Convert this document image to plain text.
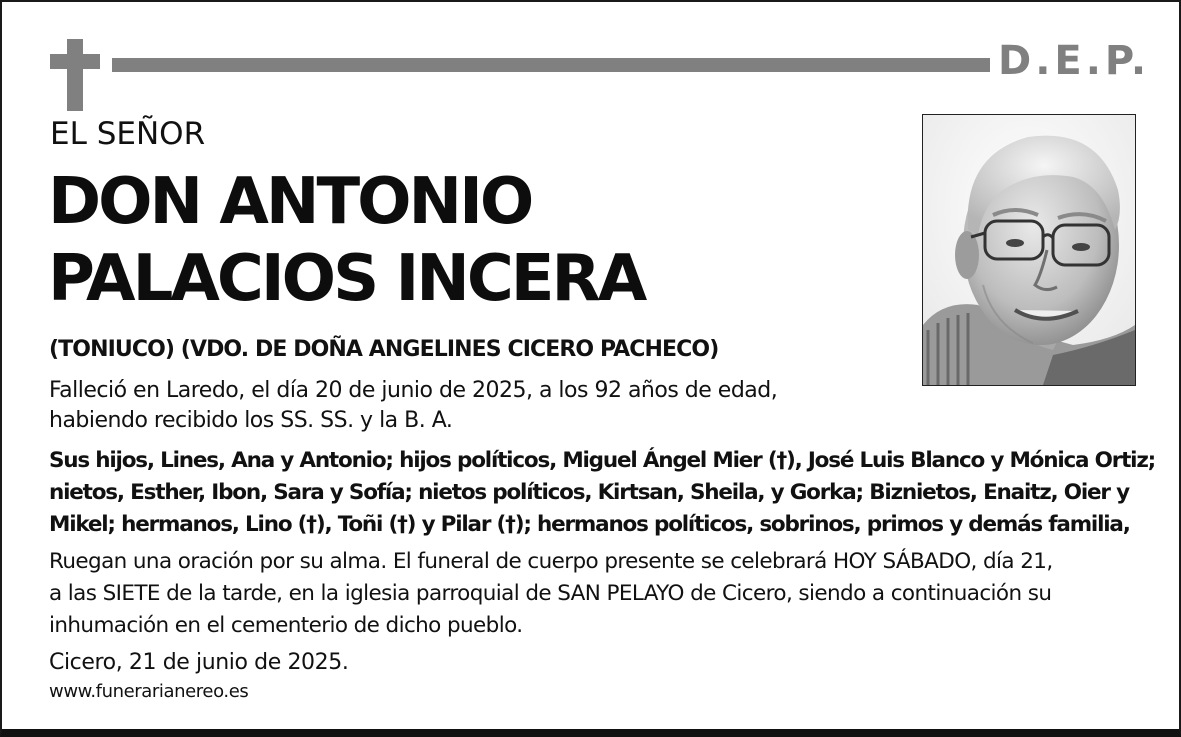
D.E.P.
EL SEÑOR
DON ANTONIO
PALACIOS INCERA
(TONIUCO) (VDO. DE DOÑA ANGELINES CICERO PACHECO)
Falleció en Laredo, el día 20 de junio de 2025, a los 92 años de edad,
habiendo recibido los SS. SS. y la B. A.
Sus hijos, Lines, Ana y Antonio; hijos políticos, Miguel Ángel Mier (†), José Luis Blanco y Mónica Ortiz;
nietos, Esther, Ibon, Sara y Sofía; nietos políticos, Kirtsan, Sheila, y Gorka; Biznietos, Enaitz, Oier y
Mikel; hermanos, Lino (†), Toñi (†) y Pilar (†); hermanos políticos, sobrinos, primos y demás familia,
Ruegan una oración por su alma. El funeral de cuerpo presente se celebrará HOY SÁBADO, día 21,
a las SIETE de la tarde, en la iglesia parroquial de SAN PELAYO de Cicero, siendo a continuación su
inhumación en el cementerio de dicho pueblo.
Cicero, 21 de junio de 2025.
www.funerarianereo.es
